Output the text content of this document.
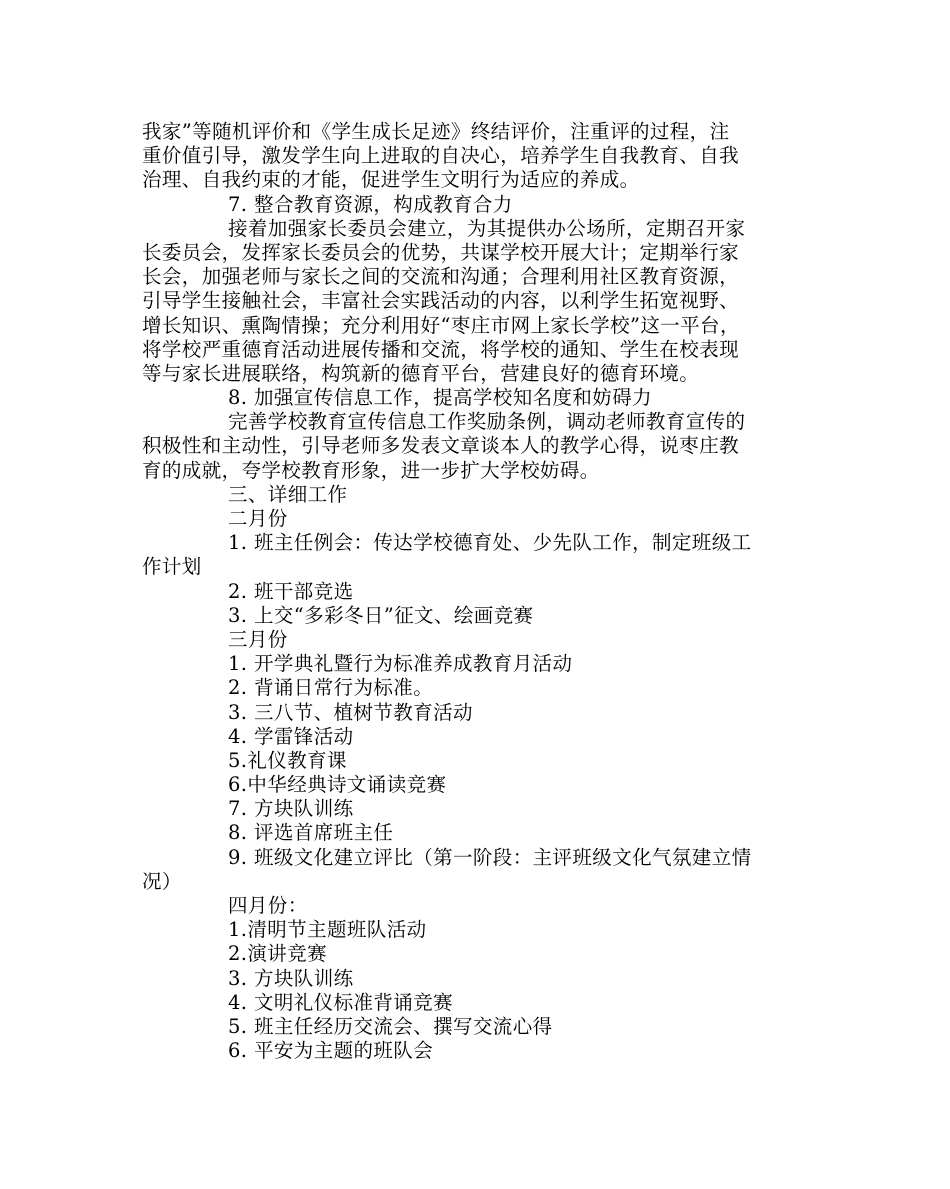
我家”等随机评价和《学生成长足迹》终结评价，注重评的过程，注
重价值引导，激发学生向上进取的自决心，培养学生自我教育、自我
治理、自我约束的才能，促进学生文明行为适应的养成。
7. 整合教育资源，构成教育合力
接着加强家长委员会建立，为其提供办公场所，定期召开家
长委员会，发挥家长委员会的优势，共谋学校开展大计；定期举行家
长会，加强老师与家长之间的交流和沟通；合理利用社区教育资源，
引导学生接触社会，丰富社会实践活动的内容，以利学生拓宽视野、
增长知识、熏陶情操；充分利用好“枣庄市网上家长学校”这一平台，
将学校严重德育活动进展传播和交流，将学校的通知、学生在校表现
等与家长进展联络，构筑新的德育平台，营建良好的德育环境。
8. 加强宣传信息工作，提高学校知名度和妨碍力
完善学校教育宣传信息工作奖励条例，调动老师教育宣传的
积极性和主动性，引导老师多发表文章谈本人的教学心得，说枣庄教
育的成就，夸学校教育形象，进一步扩大学校妨碍。
三、详细工作
二月份
1. 班主任例会：传达学校德育处、少先队工作，制定班级工
作计划
2. 班干部竞选
3. 上交“多彩冬日”征文、绘画竞赛
三月份
1. 开学典礼暨行为标准养成教育月活动
2. 背诵日常行为标准。
3. 三八节、植树节教育活动
4. 学雷锋活动
5.礼仪教育课
6.中华经典诗文诵读竞赛
7. 方块队训练
8. 评选首席班主任
9. 班级文化建立评比（第一阶段：主评班级文化气氛建立情
况）
四月份：
1.清明节主题班队活动
2.演讲竞赛
3. 方块队训练
4. 文明礼仪标准背诵竞赛
5. 班主任经历交流会、撰写交流心得
6. 平安为主题的班队会
